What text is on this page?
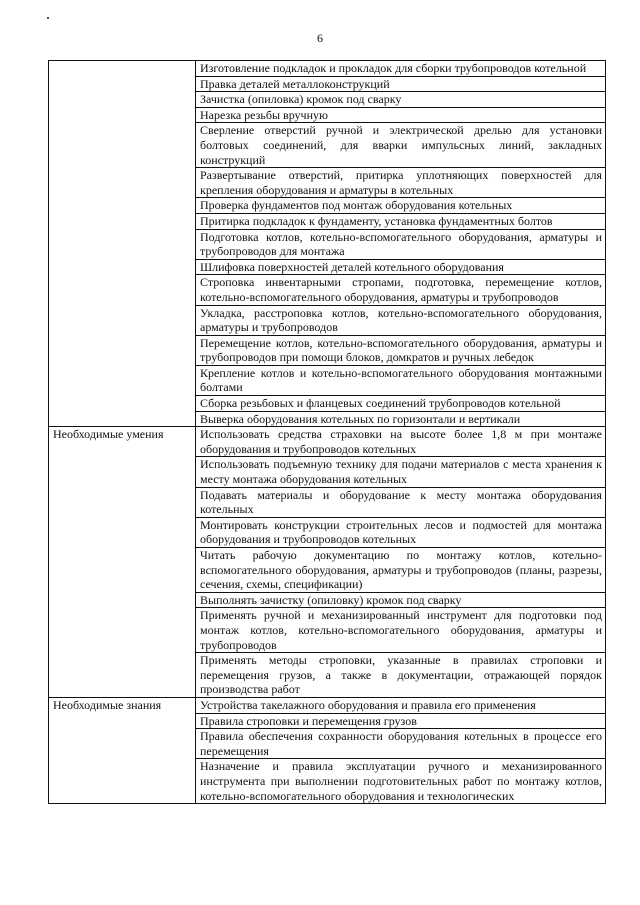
6
	Изготовление подкладок и прокладок для сборки трубопроводов котельной
	Правка деталей металлоконструкций
	Зачистка (опиловка) кромок под сварку
	Нарезка резьбы вручную
	Сверление отверстий ручной и электрической дрелью для установки болтовых соединений, для вварки импульсных линий, закладных конструкций
	Развертывание отверстий, притирка уплотняющих поверхностей для крепления оборудования и арматуры в котельных
	Проверка фундаментов под монтаж оборудования котельных
	Притирка подкладок к фундаменту, установка фундаментных болтов
	Подготовка котлов, котельно-вспомогательного оборудования, арматуры и трубопроводов для монтажа
	Шлифовка поверхностей деталей котельного оборудования
	Строповка инвентарными стропами, подготовка, перемещение котлов, котельно-вспомогательного оборудования, арматуры и трубопроводов
	Укладка, расстроповка котлов, котельно-вспомогательного оборудования, арматуры и трубопроводов
	Перемещение котлов, котельно-вспомогательного оборудования, арматуры и трубопроводов при помощи блоков, домкратов и ручных лебедок
	Крепление котлов и котельно-вспомогательного оборудования монтажными болтами
	Сборка резьбовых и фланцевых соединений трубопроводов котельной
	Выверка оборудования котельных по горизонтали и вертикали
Необходимые умения	Использовать средства страховки на высоте более 1,8 м при монтаже оборудования и трубопроводов котельных
	Использовать подъемную технику для подачи материалов с места хранения к месту монтажа оборудования котельных
	Подавать материалы и оборудование к месту монтажа оборудования котельных
	Монтировать конструкции строительных лесов и подмостей для монтажа оборудования и трубопроводов котельных
	Читать рабочую документацию по монтажу котлов, котельно-вспомогательного оборудования, арматуры и трубопроводов (планы, разрезы, сечения, схемы, спецификации)
	Выполнять зачистку (опиловку) кромок под сварку
	Применять ручной и механизированный инструмент для подготовки под монтаж котлов, котельно-вспомогательного оборудования, арматуры и трубопроводов
	Применять методы строповки, указанные в правилах строповки и перемещения грузов, а также в документации, отражающей порядок производства работ
Необходимые знания	Устройства такелажного оборудования и правила его применения
	Правила строповки и перемещения грузов
	Правила обеспечения сохранности оборудования котельных в процессе его перемещения
	Назначение и правила эксплуатации ручного и механизированного инструмента при выполнении подготовительных работ по монтажу котлов, котельно-вспомогательного оборудования и технологических
